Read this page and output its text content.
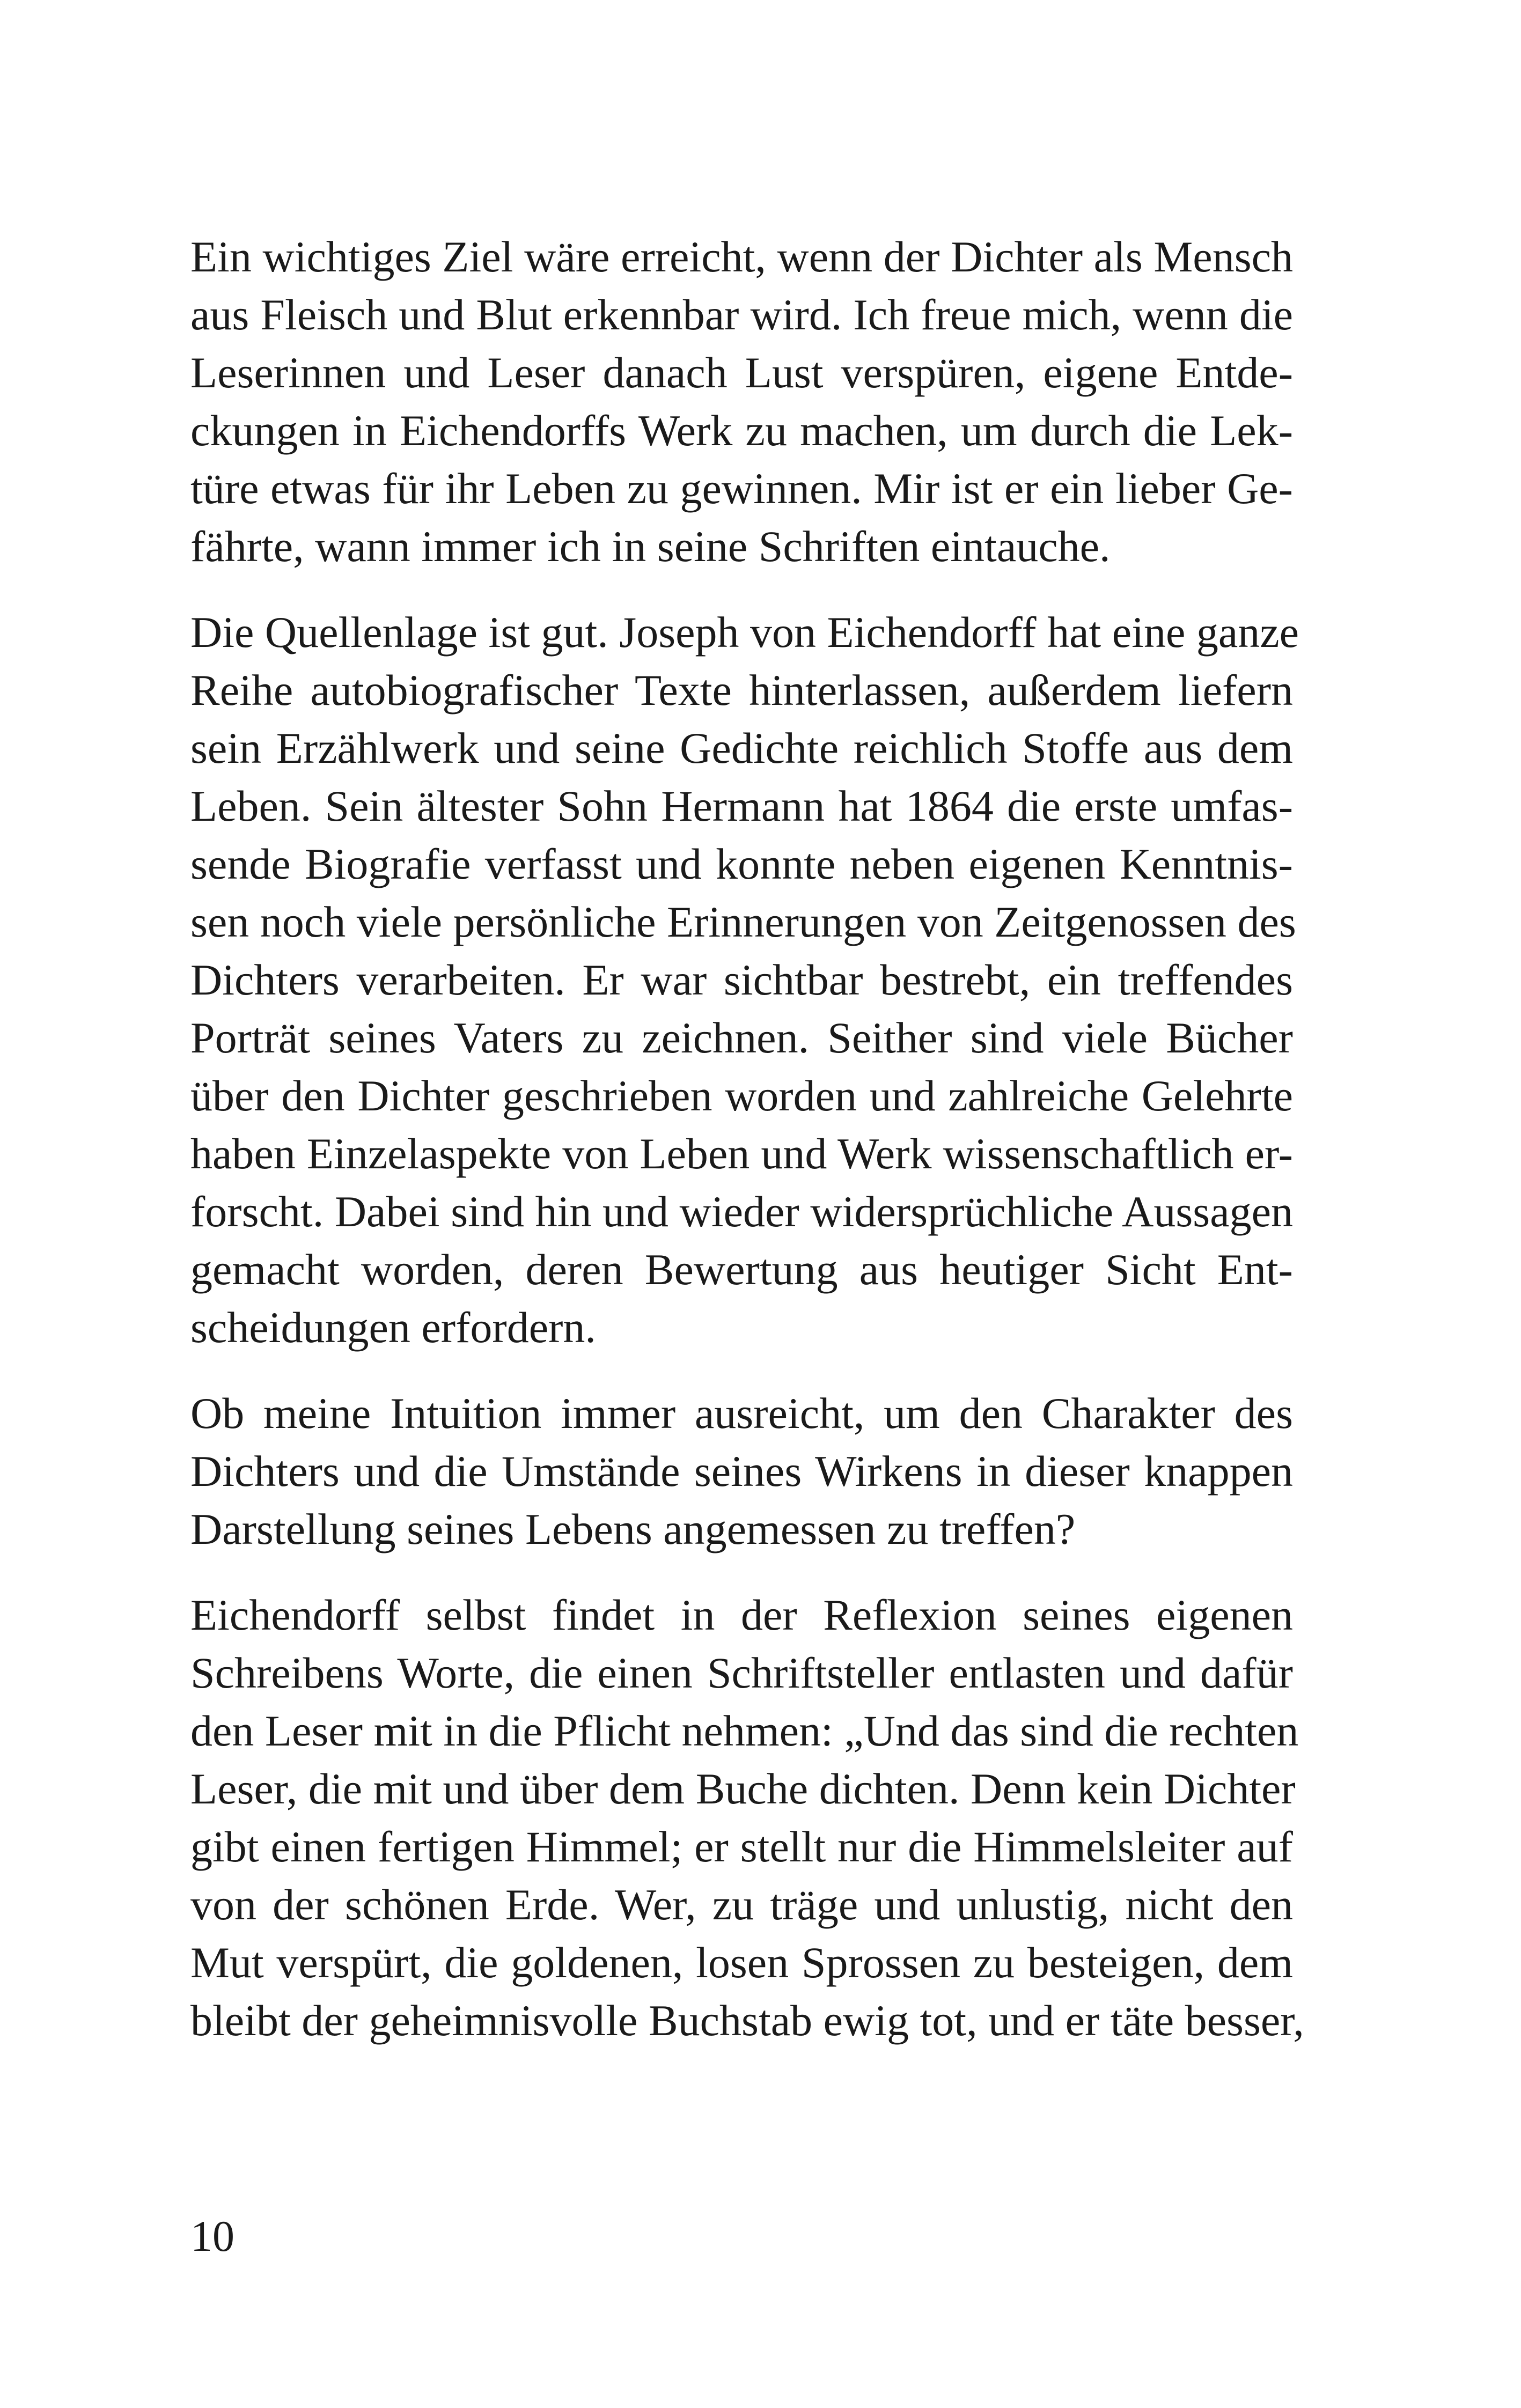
Ein wichtiges Ziel wäre erreicht, wenn der Dichter als Mensch
aus Fleisch und Blut erkennbar wird. Ich freue mich, wenn die
Leserinnen und Leser danach Lust verspüren, eigene Entde-
ckungen in Eichendorffs Werk zu machen, um durch die Lek-
türe etwas für ihr Leben zu gewinnen. Mir ist er ein lieber Ge-
fährte, wann immer ich in seine Schriften eintauche.

Die Quellenlage ist gut. Joseph von Eichendorff hat eine ganze
Reihe autobiografischer Texte hinterlassen, außerdem liefern
sein Erzählwerk und seine Gedichte reichlich Stoffe aus dem
Leben. Sein ältester Sohn Hermann hat 1864 die erste umfas-
sende Biografie verfasst und konnte neben eigenen Kenntnis-
sen noch viele persönliche Erinnerungen von Zeitgenossen des
Dichters verarbeiten. Er war sichtbar bestrebt, ein treffendes
Porträt seines Vaters zu zeichnen. Seither sind viele Bücher
über den Dichter geschrieben worden und zahlreiche Gelehrte
haben Einzelaspekte von Leben und Werk wissenschaftlich er-
forscht. Dabei sind hin und wieder widersprüchliche Aussagen
gemacht worden, deren Bewertung aus heutiger Sicht Ent-
scheidungen erfordern.

Ob meine Intuition immer ausreicht, um den Charakter des
Dichters und die Umstände seines Wirkens in dieser knappen
Darstellung seines Lebens angemessen zu treffen?

Eichendorff selbst findet in der Reflexion seines eigenen
Schreibens Worte, die einen Schriftsteller entlasten und dafür
den Leser mit in die Pflicht nehmen: „Und das sind die rechten
Leser, die mit und über dem Buche dichten. Denn kein Dichter
gibt einen fertigen Himmel; er stellt nur die Himmelsleiter auf
von der schönen Erde. Wer, zu träge und unlustig, nicht den
Mut verspürt, die goldenen, losen Sprossen zu besteigen, dem
bleibt der geheimnisvolle Buchstab ewig tot, und er täte besser,

10
